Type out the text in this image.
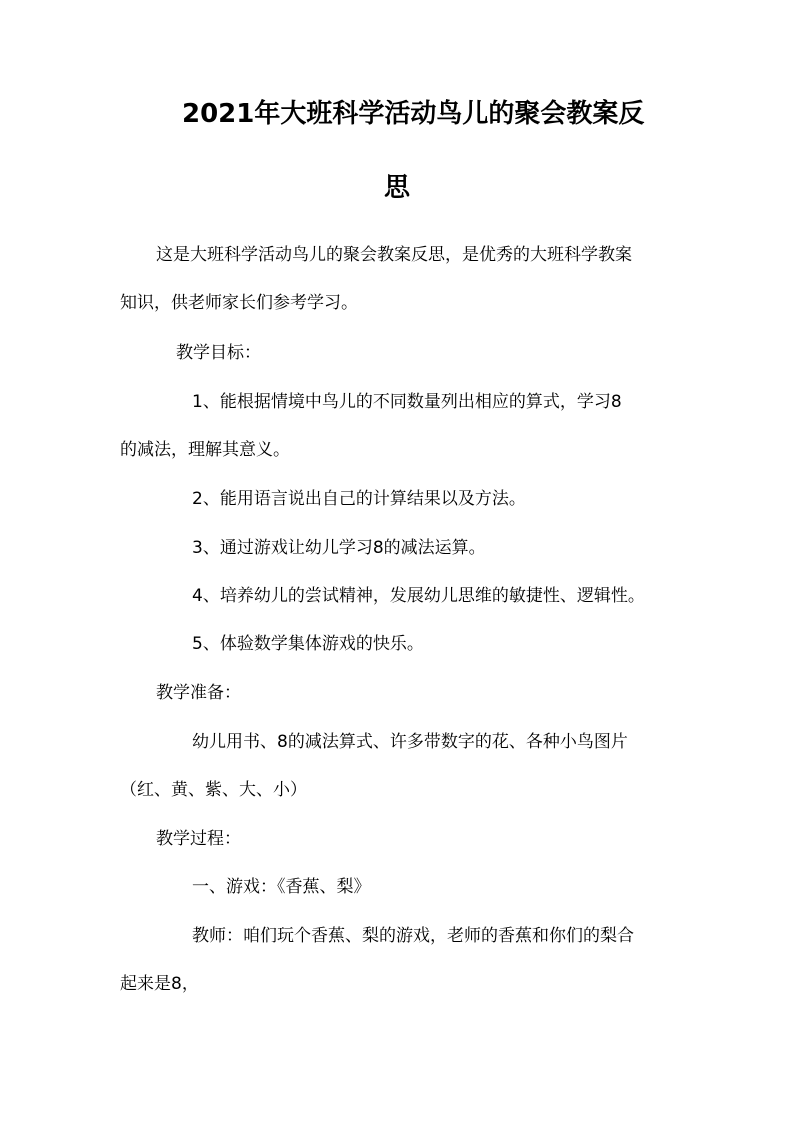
2021年大班科学活动鸟儿的聚会教案反
思
这是大班科学活动鸟儿的聚会教案反思，是优秀的大班科学教案
知识，供老师家长们参考学习。
教学目标：
1、能根据情境中鸟儿的不同数量列出相应的算式，学习8
的减法，理解其意义。
2、能用语言说出自己的计算结果以及方法。
3、通过游戏让幼儿学习8的减法运算。
4、培养幼儿的尝试精神，发展幼儿思维的敏捷性、逻辑性。
5、体验数学集体游戏的快乐。
教学准备：
幼儿用书、8的减法算式、许多带数字的花、各种小鸟图片
（红、黄、紫、大、小）
教学过程：
一、游戏：《香蕉、梨》
教师：咱们玩个香蕉、梨的游戏，老师的香蕉和你们的梨合
起来是8，
